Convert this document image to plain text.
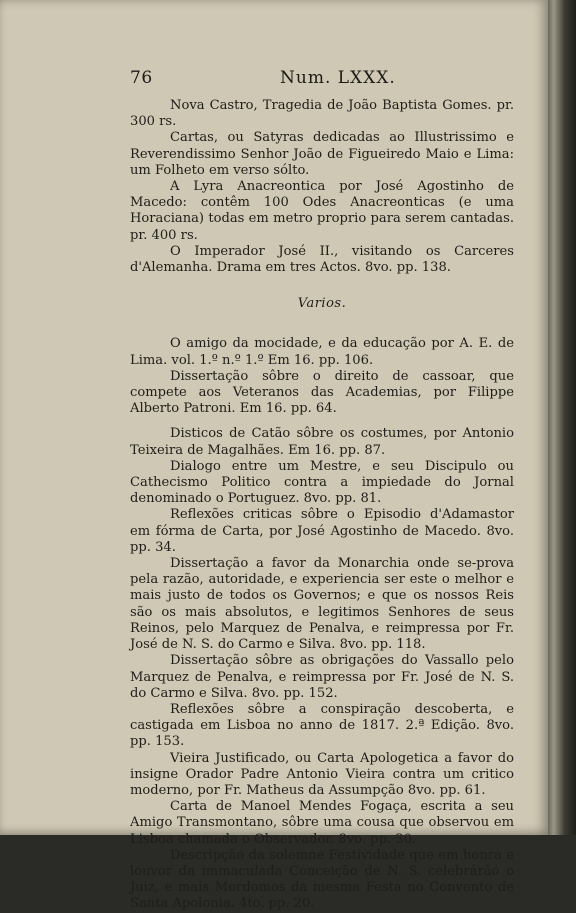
76	Num. LXXX.

Nova Castro, Tragedia de João Baptista Gomes. pr. 300 rs.

Cartas, ou Satyras dedicadas ao Illustrissimo e Reverendissimo Senhor João de Figueiredo Maio e Lima: um Folheto em verso sólto.

A Lyra Anacreontica por José Agostinho de Macedo: contêm 100 Odes Anacreonticas (e uma Horaciana) todas em metro proprio para serem cantadas. pr. 400 rs.

O Imperador José II., visitando os Carceres d'Alemanha. Drama em tres Actos. 8vo. pp. 138.

Varios.

O amigo da mocidade, e da educação por A. E. de Lima. vol. 1.º n.º 1.º Em 16. pp. 106.

Dissertação sôbre o direito de cassoar, que compete aos Veteranos das Academias, por Filippe Alberto Patroni. Em 16. pp. 64.

Disticos de Catão sôbre os costumes, por Antonio Teixeira de Magalhães. Em 16. pp. 87.

Dialogo entre um Mestre, e seu Discipulo ou Cathecismo Politico contra a impiedade do Jornal denominado o Portuguez. 8vo. pp. 81.

Reflexões criticas sôbre o Episodio d'Adamastor em fórma de Carta, por José Agostinho de Macedo. 8vo. pp. 34.

Dissertação a favor da Monarchia onde se-prova pela razão, autoridade, e experiencia ser este o melhor e mais justo de todos os Governos; e que os nossos Reis são os mais absolutos, e legitimos Senhores de seus Reinos, pelo Marquez de Penalva, e reimpressa por Fr. José de N. S. do Carmo e Silva. 8vo. pp. 118.

Dissertação sôbre as obrigações do Vassallo pelo Marquez de Penalva, e reimpressa por Fr. José de N. S. do Carmo e Silva. 8vo. pp. 152.

Reflexões sôbre a conspiração descoberta, e castigada em Lisboa no anno de 1817. 2.ª Edição. 8vo. pp. 153.

Vieira Justificado, ou Carta Apologetica a favor do insigne Orador Padre Antonio Vieira contra um critico moderno, por Fr. Matheus da Assumpção 8vo. pp. 61.

Carta de Manoel Mendes Fogaça, escrita a seu Amigo Transmontano, sôbre uma cousa que observou em Lisboa chamada o Observador. 8vo. pp. 30.

Descripção da solemne Festividade que em honra e louvor da immaculada Conceição de N. S. celebrárão o Juiz, e mais Mordomos da mesma Festa no Convento de Santa Apolonia. 4to. pp. 20.
